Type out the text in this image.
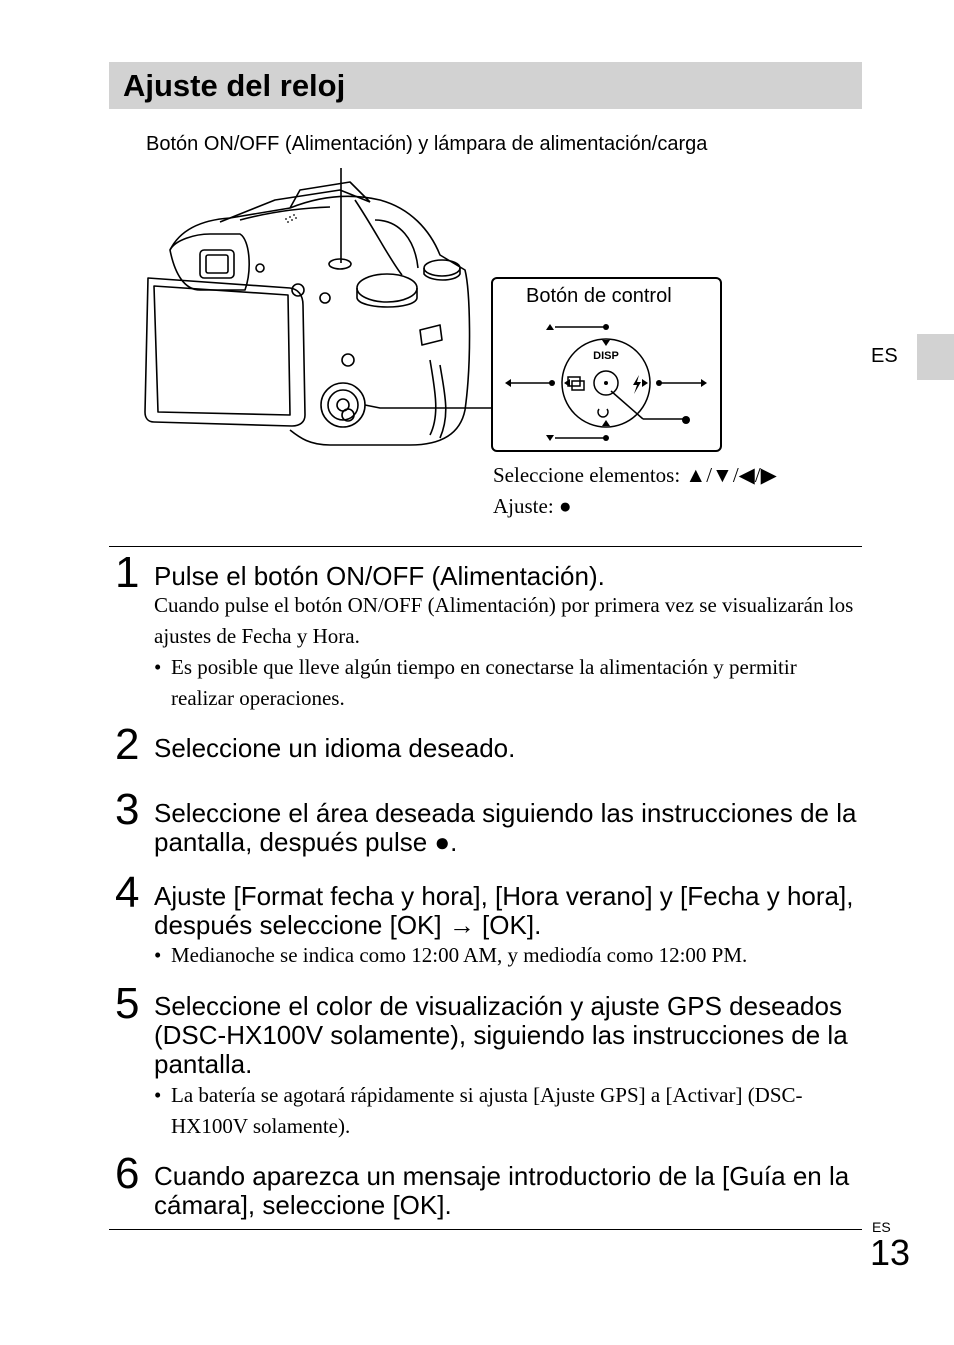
Ajuste del reloj
ES
Botón ON/OFF (Alimentación) y lámpara de alimentación/carga
Botón de control
DISP
Seleccione elementos: ▲/▼/◀/▶
Ajuste: ●
1 Pulse el botón ON/OFF (Alimentación).
Cuando pulse el botón ON/OFF (Alimentación) por primera vez se visualizarán los ajustes de Fecha y Hora.
• Es posible que lleve algún tiempo en conectarse la alimentación y permitir realizar operaciones.
2 Seleccione un idioma deseado.
3 Seleccione el área deseada siguiendo las instrucciones de la pantalla, después pulse ●.
4 Ajuste [Format fecha y hora], [Hora verano] y [Fecha y hora], después seleccione [OK] → [OK].
• Medianoche se indica como 12:00 AM, y mediodía como 12:00 PM.
5 Seleccione el color de visualización y ajuste GPS deseados (DSC-HX100V solamente), siguiendo las instrucciones de la pantalla.
• La batería se agotará rápidamente si ajusta [Ajuste GPS] a [Activar] (DSC-HX100V solamente).
6 Cuando aparezca un mensaje introductorio de la [Guía en la cámara], seleccione [OK].
ES
13
